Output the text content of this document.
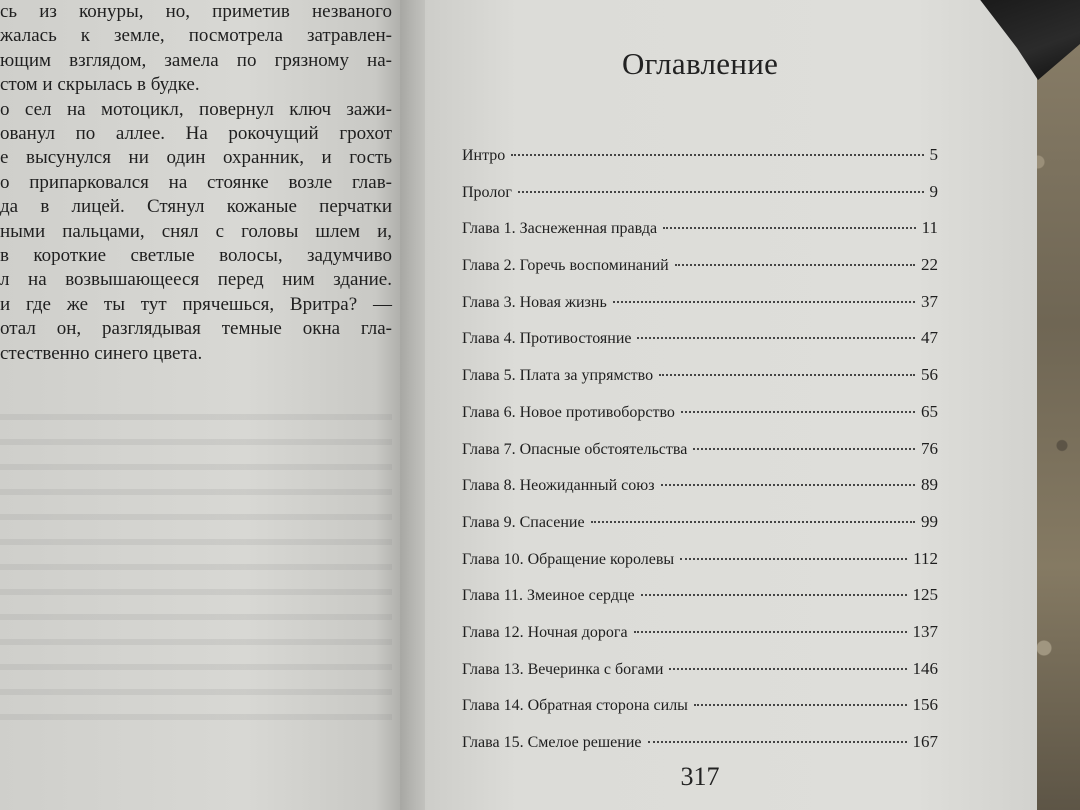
сь из конуры, но, приметив незваного
жалась к земле, посмотрела затравлен-
ющим взглядом, замела по грязному на-
стом и скрылась в будке.
о сел на мотоцикл, повернул ключ зажи-
ованул по аллее. На рокочущий грохот
е высунулся ни один охранник, и гость
о припарковался на стоянке возле глав-
да в лицей. Стянул кожаные перчатки
ными пальцами, снял с головы шлем и,
в короткие светлые волосы, задумчиво
л на возвышающееся перед ним здание.
и где же ты тут прячешься, Вритра? —
отал он, разглядывая темные окна гла-
стественно синего цвета.
Оглавление
Интро	5
Пролог	9
Глава 1. Заснеженная правда	11
Глава 2. Горечь воспоминаний	22
Глава 3. Новая жизнь	37
Глава 4. Противостояние	47
Глава 5. Плата за упрямство	56
Глава 6. Новое противоборство	65
Глава 7. Опасные обстоятельства	76
Глава 8. Неожиданный союз	89
Глава 9. Спасение	99
Глава 10. Обращение королевы	112
Глава 11. Змеиное сердце	125
Глава 12. Ночная дорога	137
Глава 13. Вечеринка с богами	146
Глава 14. Обратная сторона силы	156
Глава 15. Смелое решение	167
317
